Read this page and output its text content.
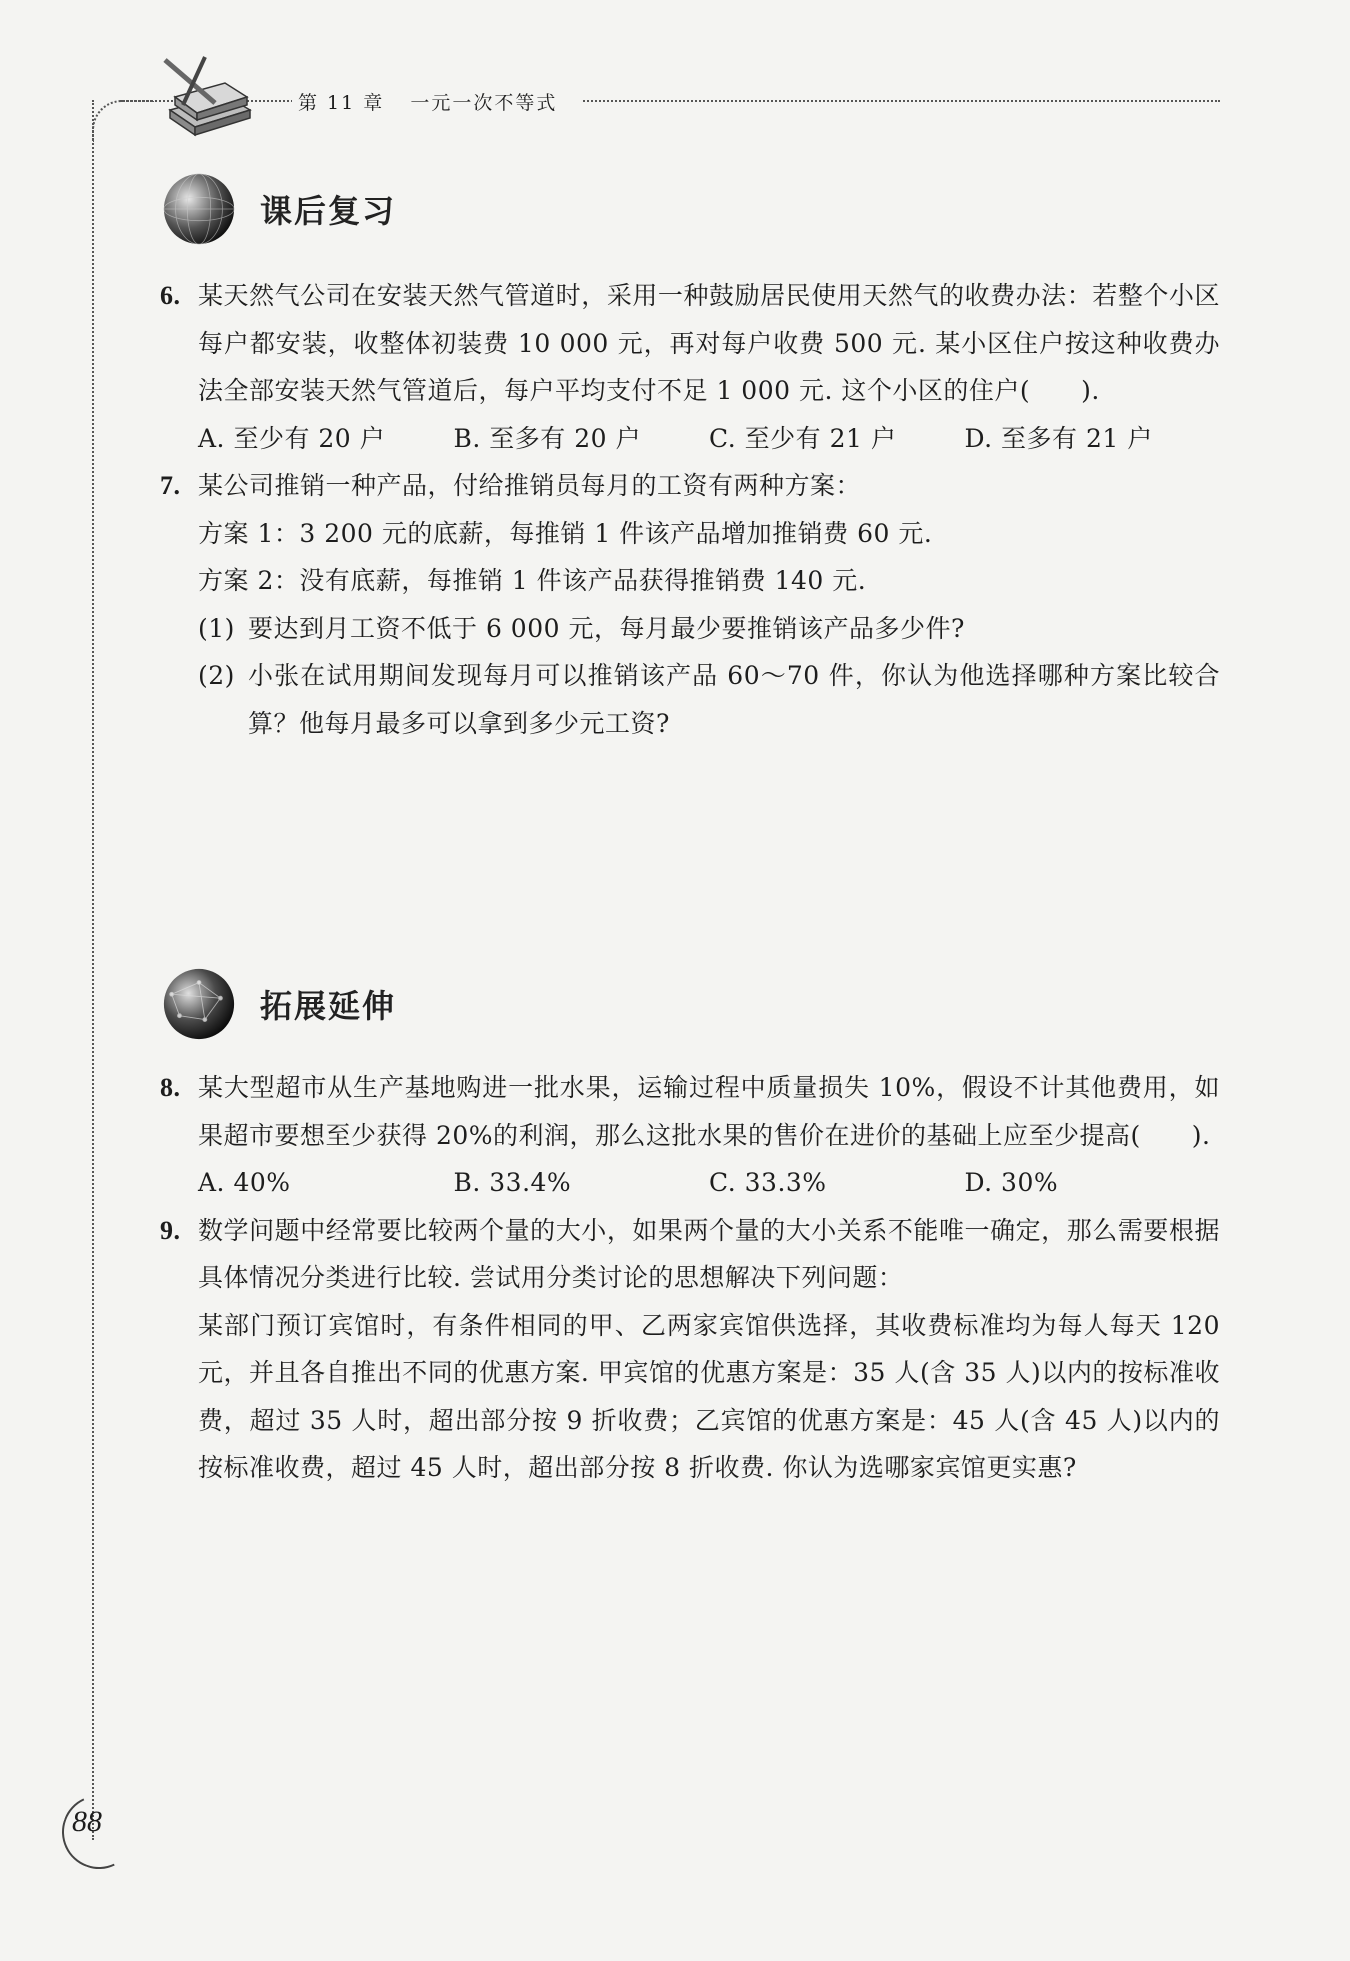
第 11 章 一元一次不等式
课后复习
6. 某天然气公司在安装天然气管道时，采用一种鼓励居民使用天然气的收费办法：若整个小区每户都安装，收整体初装费 10 000 元，再对每户收费 500 元. 某小区住户按这种收费办法全部安装天然气管道后，每户平均支付不足 1 000 元. 这个小区的住户(　　).
A. 至少有 20 户	B. 至多有 20 户	C. 至少有 21 户	D. 至多有 21 户
7. 某公司推销一种产品，付给推销员每月的工资有两种方案：
方案 1：3 200 元的底薪，每推销 1 件该产品增加推销费 60 元.
方案 2：没有底薪，每推销 1 件该产品获得推销费 140 元.
(1) 要达到月工资不低于 6 000 元，每月最少要推销该产品多少件?
(2) 小张在试用期间发现每月可以推销该产品 60～70 件，你认为他选择哪种方案比较合算？他每月最多可以拿到多少元工资?
拓展延伸
8. 某大型超市从生产基地购进一批水果，运输过程中质量损失 10%，假设不计其他费用，如果超市要想至少获得 20%的利润，那么这批水果的售价在进价的基础上应至少提高(　　).
A. 40%	B. 33.4%	C. 33.3%	D. 30%
9. 数学问题中经常要比较两个量的大小，如果两个量的大小关系不能唯一确定，那么需要根据具体情况分类进行比较. 尝试用分类讨论的思想解决下列问题：
某部门预订宾馆时，有条件相同的甲、乙两家宾馆供选择，其收费标准均为每人每天 120 元，并且各自推出不同的优惠方案. 甲宾馆的优惠方案是：35 人(含 35 人)以内的按标准收费，超过 35 人时，超出部分按 9 折收费；乙宾馆的优惠方案是：45 人(含 45 人)以内的按标准收费，超过 45 人时，超出部分按 8 折收费. 你认为选哪家宾馆更实惠?
88
